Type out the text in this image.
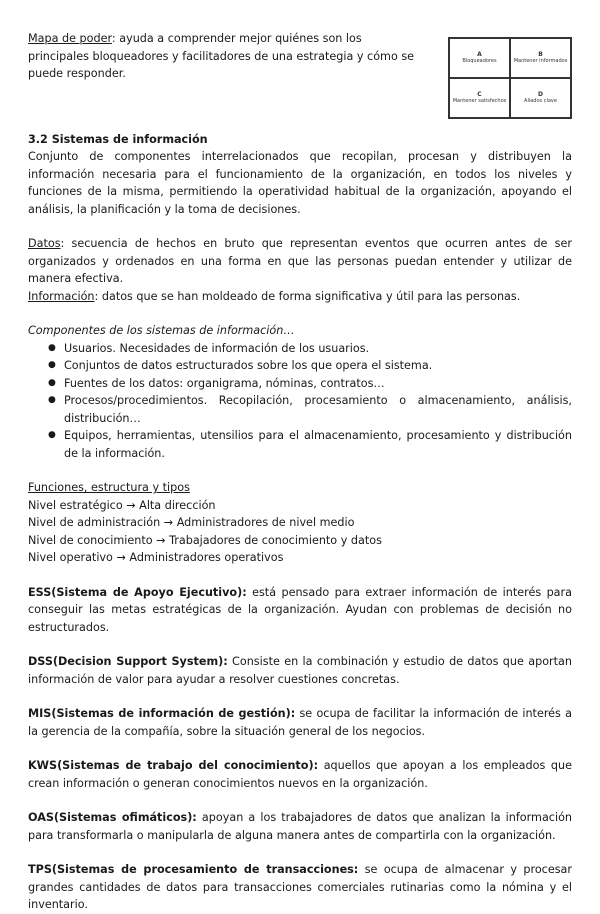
A
Bloqueadores
B
Mantener informados
C
Mantener satisfechos
D
Aliados clave

Mapa de poder: ayuda a comprender mejor quiénes son los principales bloqueadores y facilitadores de una estrategia y cómo se puede responder.

3.2 Sistemas de información

Conjunto de componentes interrelacionados que recopilan, procesan y distribuyen la información necesaria para el funcionamiento de la organización, en todos los niveles y funciones de la misma, permitiendo la operatividad habitual de la organización, apoyando el análisis, la planificación y la toma de decisiones.

Datos: secuencia de hechos en bruto que representan eventos que ocurren antes de ser organizados y ordenados en una forma en que las personas puedan entender y utilizar de manera efectiva.

Información: datos que se han moldeado de forma significativa y útil para las personas.

Componentes de los sistemas de información…

● Usuarios. Necesidades de información de los usuarios.
● Conjuntos de datos estructurados sobre los que opera el sistema.
● Fuentes de los datos: organigrama, nóminas, contratos…
● Procesos/procedimientos. Recopilación, procesamiento o almacenamiento, análisis, distribución…
● Equipos, herramientas, utensilios para el almacenamiento, procesamiento y distribución de la información.

Funciones, estructura y tipos

Nivel estratégico → Alta dirección
Nivel de administración → Administradores de nivel medio
Nivel de conocimiento → Trabajadores de conocimiento y datos
Nivel operativo → Administradores operativos

ESS(Sistema de Apoyo Ejecutivo): está pensado para extraer información de interés para conseguir las metas estratégicas de la organización. Ayudan con problemas de decisión no estructurados.

DSS(Decision Support System): Consiste en la combinación y estudio de datos que aportan información de valor para ayudar a resolver cuestiones concretas.

MIS(Sistemas de información de gestión): se ocupa de facilitar la información de interés a la gerencia de la compañía, sobre la situación general de los negocios.

KWS(Sistemas de trabajo del conocimiento): aquellos que apoyan a los empleados que crean información o generan conocimientos nuevos en la organización.

OAS(Sistemas ofimáticos): apoyan a los trabajadores de datos que analizan la información para transformarla o manipularla de alguna manera antes de compartirla con la organización.

TPS(Sistemas de procesamiento de transacciones: se ocupa de almacenar y procesar grandes cantidades de datos para transacciones comerciales rutinarias como la nómina y el inventario.
